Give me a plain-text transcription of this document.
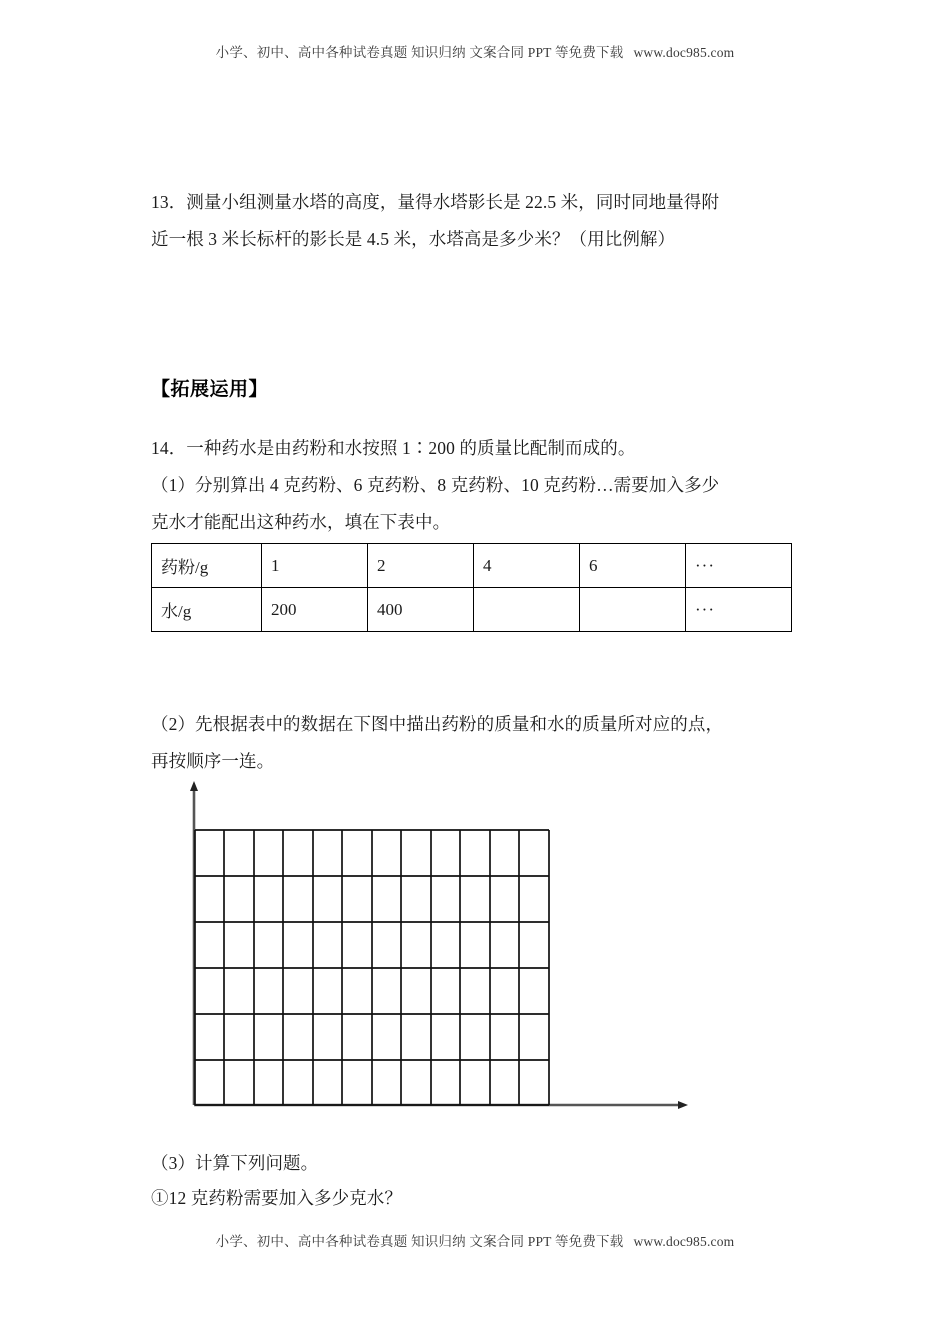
小学、初中、高中各种试卷真题 知识归纳 文案合同 PPT 等免费下载 www.doc985.com
13．测量小组测量水塔的高度，量得水塔影长是 22.5 米，同时同地量得附
近一根 3 米长标杆的影长是 4.5 米，水塔高是多少米？（用比例解）
【拓展运用】
14．一种药水是由药粉和水按照 1∶200 的质量比配制而成的。
（1）分别算出 4 克药粉、6 克药粉、8 克药粉、10 克药粉…需要加入多少
克水才能配出这种药水，填在下表中。
药粉/g	1	2	4	6	···
水/g	200	400			···
（2）先根据表中的数据在下图中描出药粉的质量和水的质量所对应的点，
再按顺序一连。
（3）计算下列问题。
①12 克药粉需要加入多少克水？
小学、初中、高中各种试卷真题 知识归纳 文案合同 PPT 等免费下载 www.doc985.com
